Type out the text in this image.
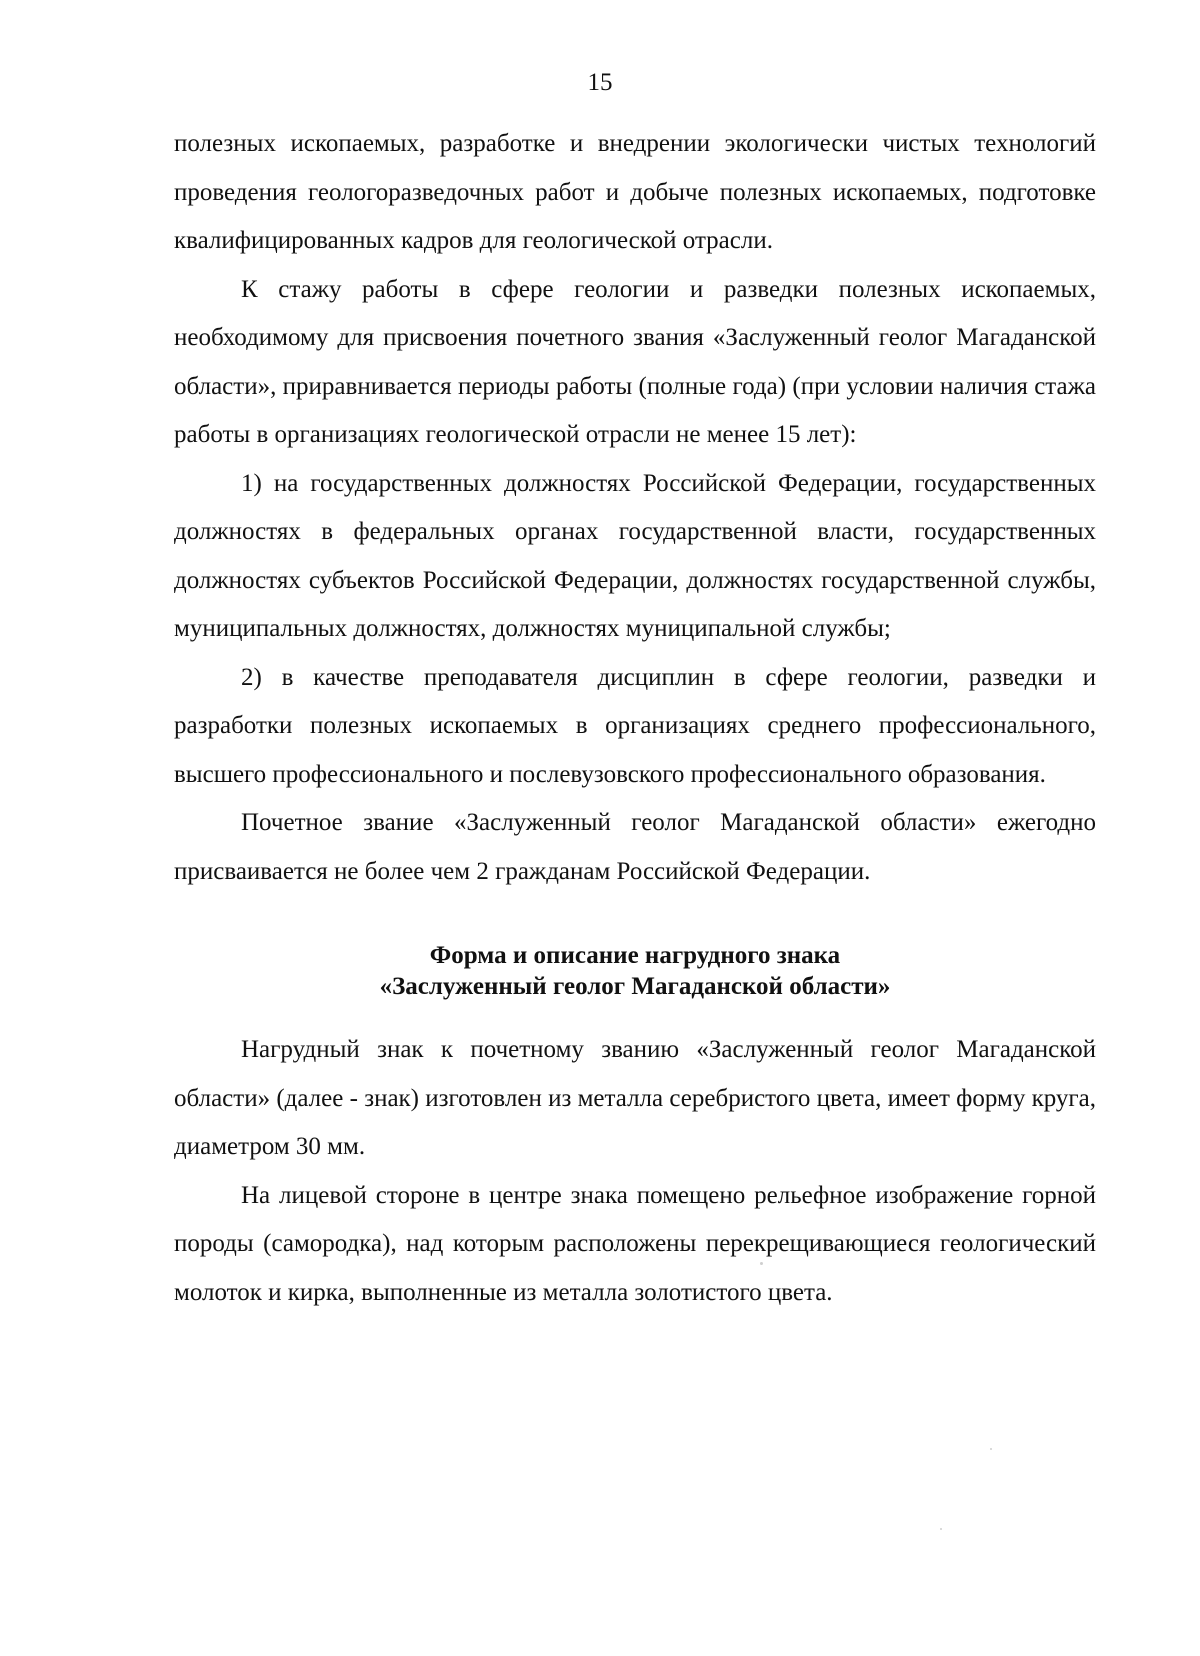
15

полезных ископаемых, разработке и внедрении экологически чистых технологий проведения геологоразведочных работ и добыче полезных ископаемых, подготовке квалифицированных кадров для геологической отрасли.

К стажу работы в сфере геологии и разведки полезных ископаемых, необходимому для присвоения почетного звания «Заслуженный геолог Магаданской области», приравнивается периоды работы (полные года) (при условии наличия стажа работы в организациях геологической отрасли не менее 15 лет):

1) на государственных должностях Российской Федерации, государственных должностях в федеральных органах государственной власти, государственных должностях субъектов Российской Федерации, должностях государственной службы, муниципальных должностях, должностях муниципальной службы;

2) в качестве преподавателя дисциплин в сфере геологии, разведки и разработки полезных ископаемых в организациях среднего профессионального, высшего профессионального и послевузовского профессионального образования.

Почетное звание «Заслуженный геолог Магаданской области» ежегодно присваивается не более чем 2 гражданам Российской Федерации.

Форма и описание нагрудного знака
«Заслуженный геолог Магаданской области»

Нагрудный знак к почетному званию «Заслуженный геолог Магаданской области» (далее - знак) изготовлен из металла серебристого цвета, имеет форму круга, диаметром 30 мм.

На лицевой стороне в центре знака помещено рельефное изображение горной породы (самородка), над которым расположены перекрещивающиеся геологический молоток и кирка, выполненные из металла золотистого цвета.
